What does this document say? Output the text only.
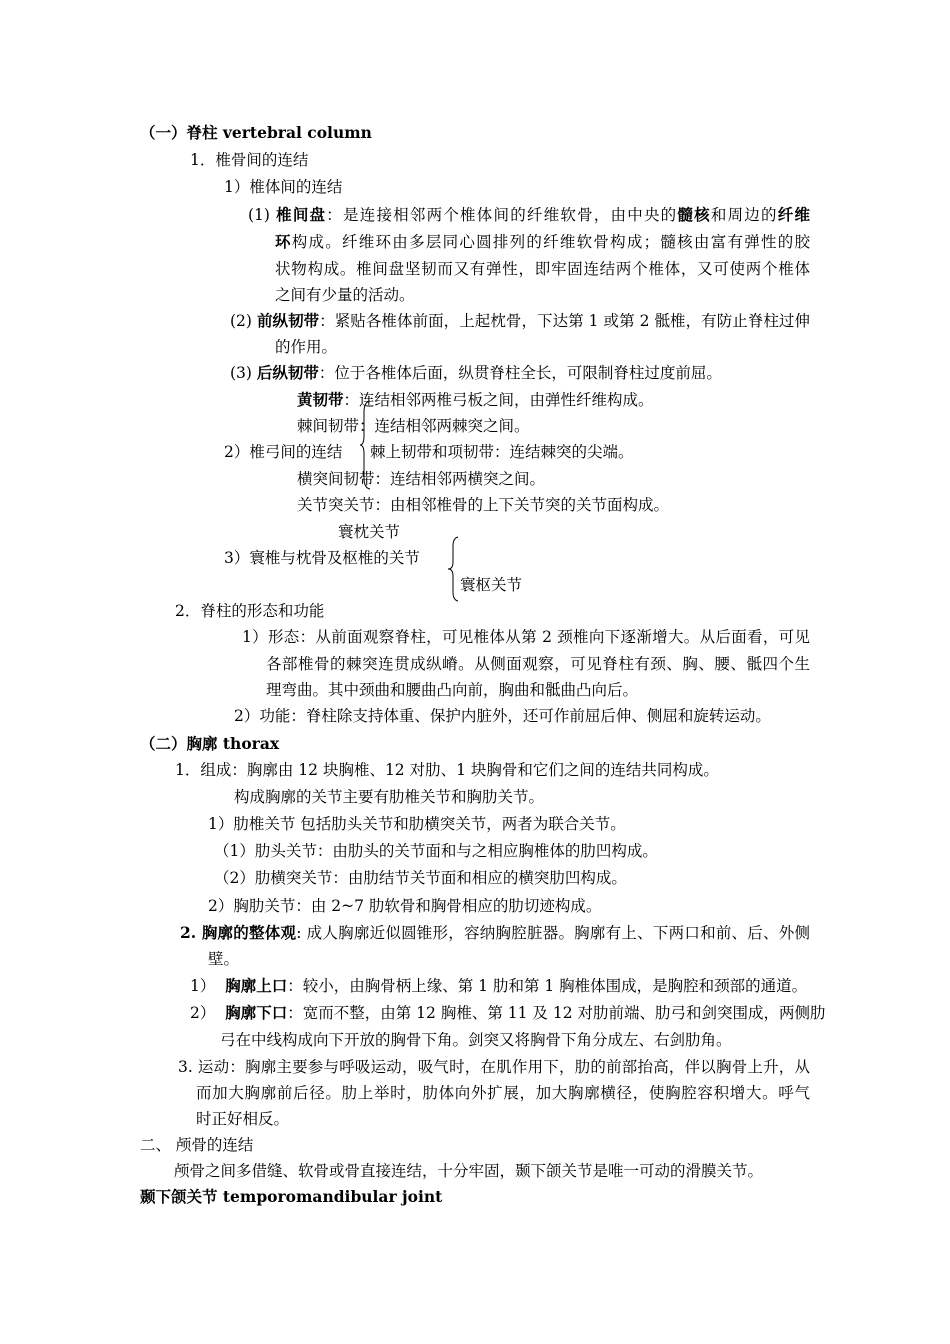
（一）脊柱 vertebral column
1．椎骨间的连结
1）椎体间的连结
(1) 椎间盘：是连接相邻两个椎体间的纤维软骨，由中央的髓核和周边的纤维
环构成。纤维环由多层同心圆排列的纤维软骨构成；髓核由富有弹性的胶
状物构成。椎间盘坚韧而又有弹性，即牢固连结两个椎体，又可使两个椎体
之间有少量的活动。
(2) 前纵韧带：紧贴各椎体前面，上起枕骨，下达第 1 或第 2 骶椎，有防止脊柱过伸
的作用。
(3) 后纵韧带：位于各椎体后面，纵贯脊柱全长，可限制脊柱过度前屈。
黄韧带：连结相邻两椎弓板之间，由弹性纤维构成。
棘间韧带：连结相邻两棘突之间。
2）椎弓间的连结 棘上韧带和项韧带：连结棘突的尖端。
横突间韧带：连结相邻两横突之间。
关节突关节：由相邻椎骨的上下关节突的关节面构成。
寰枕关节
3）寰椎与枕骨及枢椎的关节
寰枢关节
2．脊柱的形态和功能
1）形态：从前面观察脊柱，可见椎体从第 2 颈椎向下逐渐增大。从后面看，可见
各部椎骨的棘突连贯成纵嵴。从侧面观察，可见脊柱有颈、胸、腰、骶四个生
理弯曲。其中颈曲和腰曲凸向前，胸曲和骶曲凸向后。
2）功能：脊柱除支持体重、保护内脏外，还可作前屈后伸、侧屈和旋转运动。
（二）胸廓 thorax
1．组成：胸廓由 12 块胸椎、12 对肋、1 块胸骨和它们之间的连结共同构成。
构成胸廓的关节主要有肋椎关节和胸肋关节。
1）肋椎关节 包括肋头关节和肋横突关节，两者为联合关节。
（1）肋头关节：由肋头的关节面和与之相应胸椎体的肋凹构成。
（2）肋横突关节：由肋结节关节面和相应的横突肋凹构成。
2）胸肋关节：由 2~7 肋软骨和胸骨相应的肋切迹构成。
2. 胸廓的整体观: 成人胸廓近似圆锥形，容纳胸腔脏器。胸廓有上、下两口和前、后、外侧
壁。
1） 胸廓上口：较小，由胸骨柄上缘、第 1 肋和第 1 胸椎体围成，是胸腔和颈部的通道。
2） 胸廓下口：宽而不整，由第 12 胸椎、第 11 及 12 对肋前端、肋弓和剑突围成，两侧肋
弓在中线构成向下开放的胸骨下角。剑突又将胸骨下角分成左、右剑肋角。
3. 运动：胸廓主要参与呼吸运动，吸气时，在肌作用下，肋的前部抬高，伴以胸骨上升，从
而加大胸廓前后径。肋上举时，肋体向外扩展，加大胸廓横径，使胸腔容积增大。呼气
时正好相反。
二、 颅骨的连结
颅骨之间多借缝、软骨或骨直接连结，十分牢固，颞下颌关节是唯一可动的滑膜关节。
颞下颌关节 temporomandibular joint
